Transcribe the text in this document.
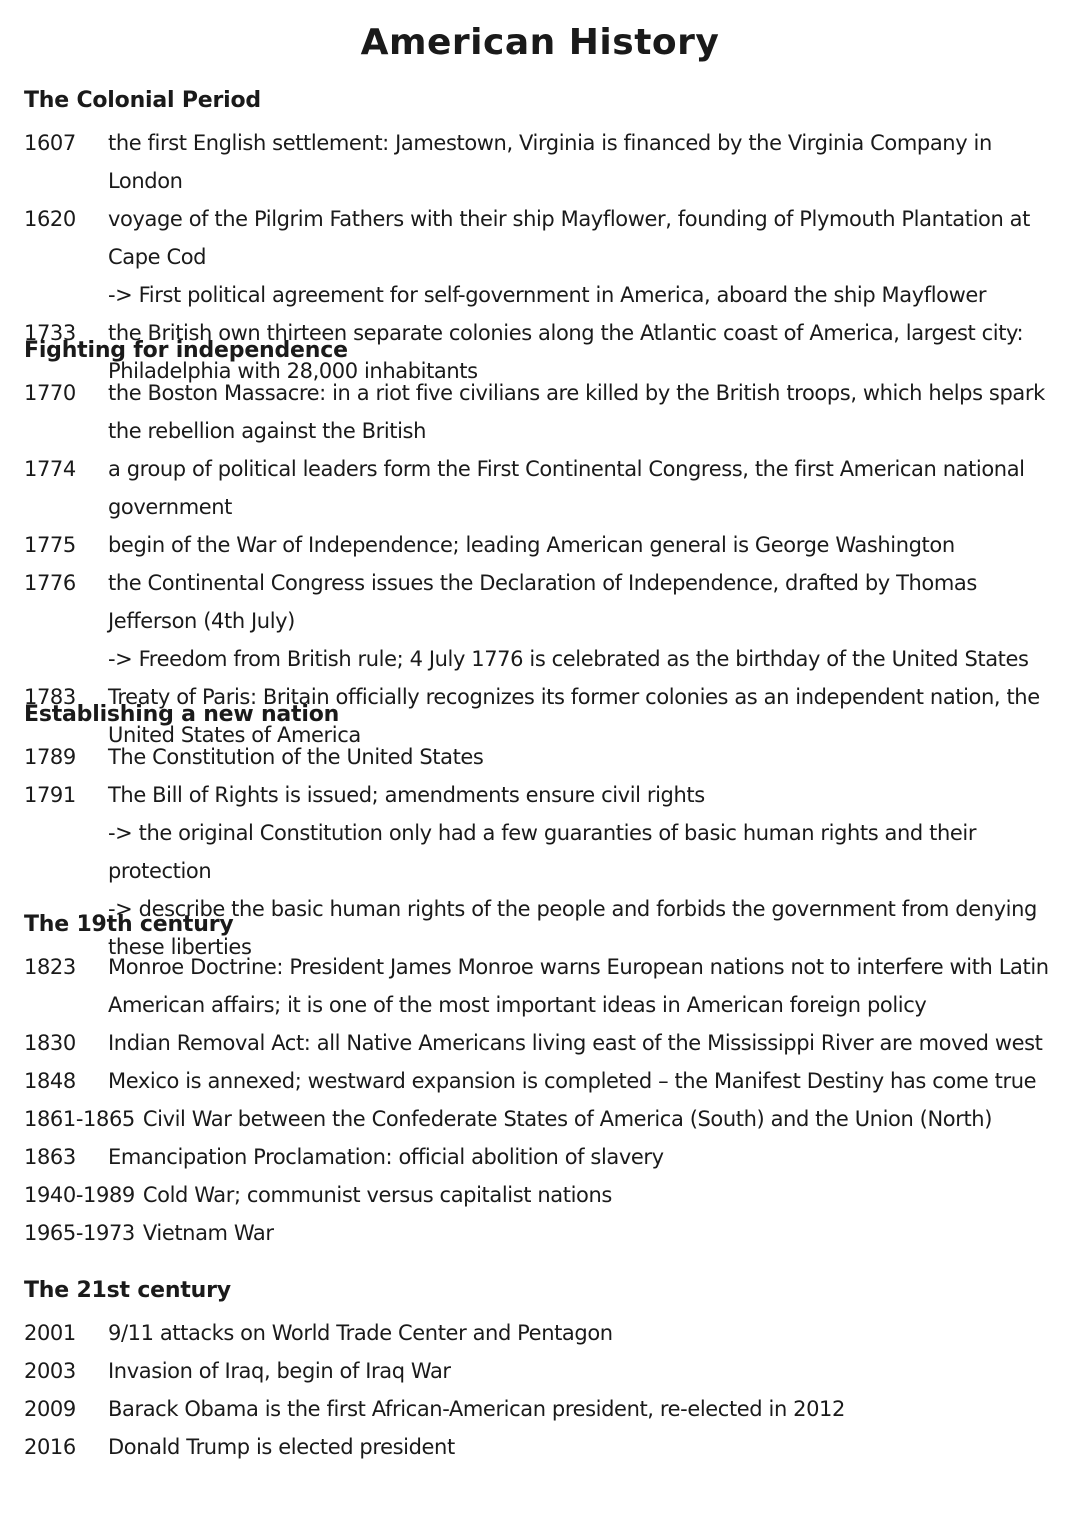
American History
The Colonial Period
1607	the first English settlement: Jamestown, Virginia is financed by the Virginia Company in London
1620	voyage of the Pilgrim Fathers with their ship Mayflower, founding of Plymouth Plantation at Cape Cod
-> First political agreement for self-government in America, aboard the ship Mayflower
1733	the British own thirteen separate colonies along the Atlantic coast of America, largest city: Philadelphia with 28,000 inhabitants
Fighting for independence
1770	the Boston Massacre: in a riot five civilians are killed by the British troops, which helps spark the rebellion against the British
1774	a group of political leaders form the First Continental Congress, the first American national government
1775	begin of the War of Independence; leading American general is George Washington
1776	the Continental Congress issues the Declaration of Independence, drafted by Thomas Jefferson (4th July)
-> Freedom from British rule; 4 July 1776 is celebrated as the birthday of the United States
1783	Treaty of Paris: Britain officially recognizes its former colonies as an independent nation, the United States of America
Establishing a new nation
1789	The Constitution of the United States
1791	The Bill of Rights is issued; amendments ensure civil rights
-> the original Constitution only had a few guaranties of basic human rights and their protection
-> describe the basic human rights of the people and forbids the government from denying these liberties
The 19th century
1823	Monroe Doctrine: President James Monroe warns European nations not to interfere with Latin American affairs; it is one of the most important ideas in American foreign policy
1830	Indian Removal Act: all Native Americans living east of the Mississippi River are moved west
1848	Mexico is annexed; westward expansion is completed – the Manifest Destiny has come true
1861-1865 Civil War between the Confederate States of America (South) and the Union (North)
1863	Emancipation Proclamation: official abolition of slavery
1940-1989 Cold War; communist versus capitalist nations
1965-1973 Vietnam War
The 21st century
2001	9/11 attacks on World Trade Center and Pentagon
2003	Invasion of Iraq, begin of Iraq War
2009	Barack Obama is the first African-American president, re-elected in 2012
2016	Donald Trump is elected president
